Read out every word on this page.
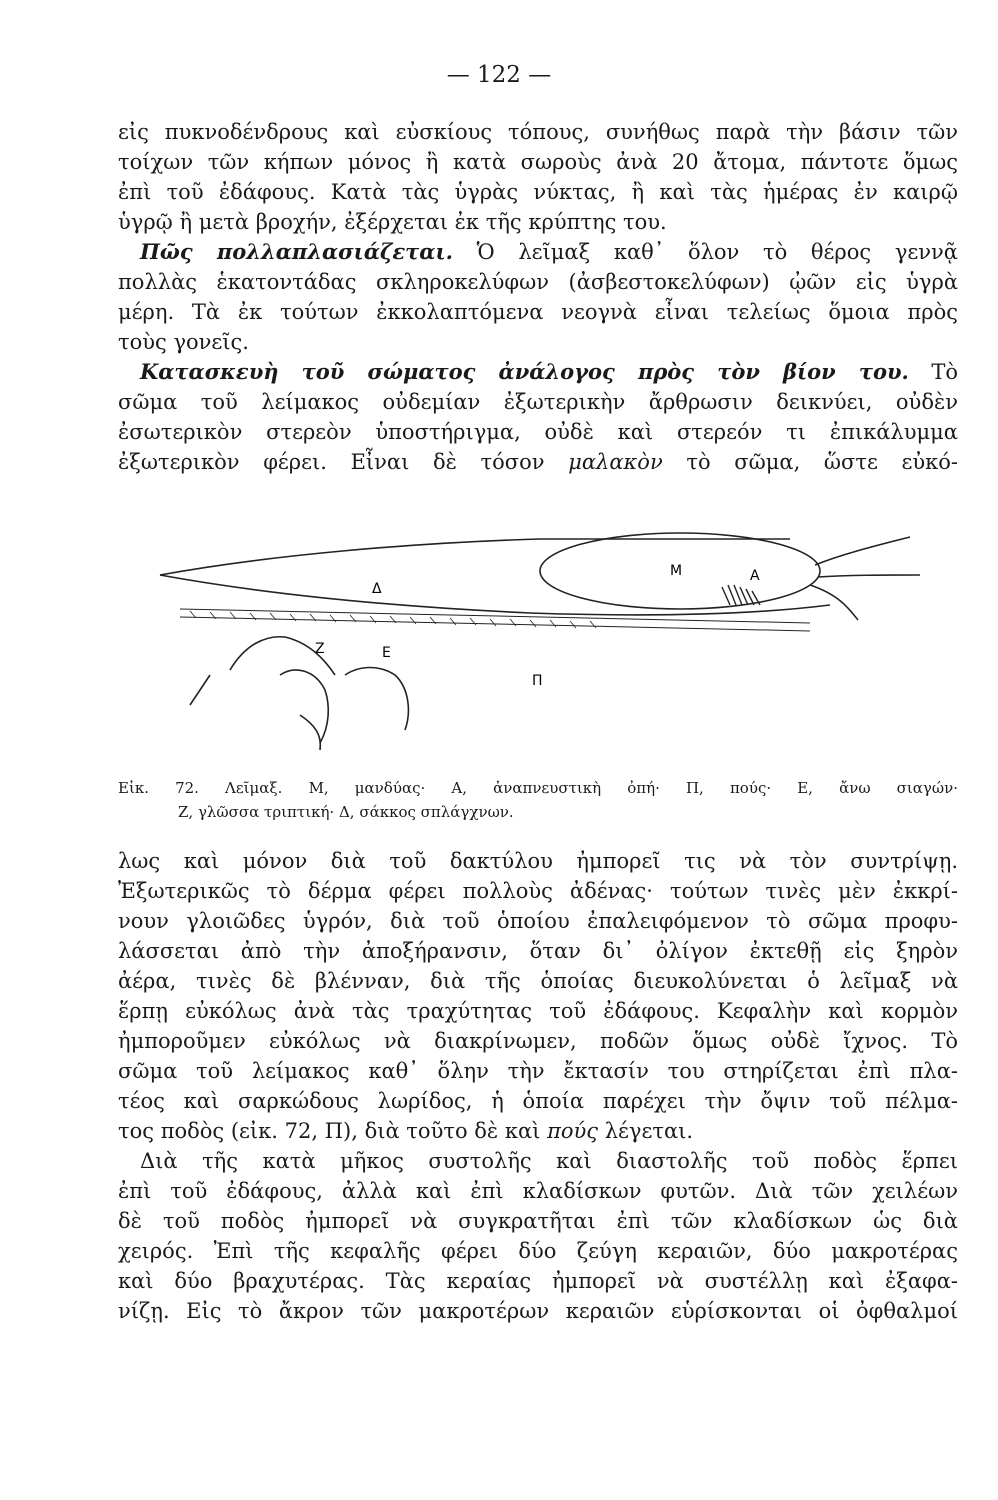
— 122 —
εἰς πυκνοδένδρους καὶ εὐσκίους τόπους, συνήθως παρὰ τὴν βάσιν τῶν
τοίχων τῶν κήπων μόνος ἢ κατὰ σωροὺς ἀνὰ 20 ἄτομα, πάντοτε ὅμως
ἐπὶ τοῦ ἐδάφους. Κατὰ τὰς ὑγρὰς νύκτας, ἢ καὶ τὰς ἡμέρας ἐν καιρῷ
ὑγρῷ ἢ μετὰ βροχήν, ἐξέρχεται ἐκ τῆς κρύπτης του.
Πῶς πολλαπλασιάζεται. Ὁ λεῖμαξ καθ᾿ ὅλον τὸ θέρος γεννᾷ
πολλὰς ἑκατοντάδας σκληροκελύφων (ἀσβεστοκελύφων) ᾠῶν εἰς ὑγρὰ
μέρη. Τὰ ἐκ τούτων ἐκκολαπτόμενα νεογνὰ εἶναι τελείως ὅμοια πρὸς
τοὺς γονεῖς.
Κατασκευὴ τοῦ σώματος ἀνάλογος πρὸς τὸν βίον του. Τὸ
σῶμα τοῦ λείμακος οὐδεμίαν ἐξωτερικὴν ἄρθρωσιν δεικνύει, οὐδὲν
ἐσωτερικὸν στερεὸν ὑποστήριγμα, οὐδὲ καὶ στερεόν τι ἐπικάλυμμα
ἐξωτερικὸν φέρει. Εἶναι δὲ τόσον μαλακὸν τὸ σῶμα, ὥστε εὐκό-
Δ
M	A
Z	E
Π
Εἰκ. 72. Λεῖμαξ. Μ, μανδύας· Α, ἀναπνευστικὴ ὀπή· Π, πούς· Ε, ἄνω σιαγών·
Ζ, γλῶσσα τριπτική· Δ, σάκκος σπλάγχνων.
λως καὶ μόνον διὰ τοῦ δακτύλου ἠμπορεῖ τις νὰ τὸν συντρίψῃ.
Ἐξωτερικῶς τὸ δέρμα φέρει πολλοὺς ἀδένας· τούτων τινὲς μὲν ἐκκρί-
νουν γλοιῶδες ὑγρόν, διὰ τοῦ ὁποίου ἐπαλειφόμενον τὸ σῶμα προφυ-
λάσσεται ἀπὸ τὴν ἀποξήρανσιν, ὅταν δι᾿ ὀλίγον ἐκτεθῇ εἰς ξηρὸν
ἀέρα, τινὲς δὲ βλένναν, διὰ τῆς ὁποίας διευκολύνεται ὁ λεῖμαξ νὰ
ἕρπῃ εὐκόλως ἀνὰ τὰς τραχύτητας τοῦ ἐδάφους. Κεφαλὴν καὶ κορμὸν
ἠμποροῦμεν εὐκόλως νὰ διακρίνωμεν, ποδῶν ὅμως οὐδὲ ἴχνος. Τὸ
σῶμα τοῦ λείμακος καθ᾿ ὅλην τὴν ἔκτασίν του στηρίζεται ἐπὶ πλα-
τέος καὶ σαρκώδους λωρίδος, ἡ ὁποία παρέχει τὴν ὄψιν τοῦ πέλμα-
τος ποδὸς (εἰκ. 72, Π), διὰ τοῦτο δὲ καὶ πούς λέγεται.
Διὰ τῆς κατὰ μῆκος συστολῆς καὶ διαστολῆς τοῦ ποδὸς ἕρπει
ἐπὶ τοῦ ἐδάφους, ἀλλὰ καὶ ἐπὶ κλαδίσκων φυτῶν. Διὰ τῶν χειλέων
δὲ τοῦ ποδὸς ἠμπορεῖ νὰ συγκρατῆται ἐπὶ τῶν κλαδίσκων ὡς διὰ
χειρός. Ἐπὶ τῆς κεφαλῆς φέρει δύο ζεύγη κεραιῶν, δύο μακροτέρας
καὶ δύο βραχυτέρας. Τὰς κεραίας ἠμπορεῖ νὰ συστέλλῃ καὶ ἐξαφα-
νίζῃ. Εἰς τὸ ἄκρον τῶν μακροτέρων κεραιῶν εὑρίσκονται οἱ ὀφθαλμοί
